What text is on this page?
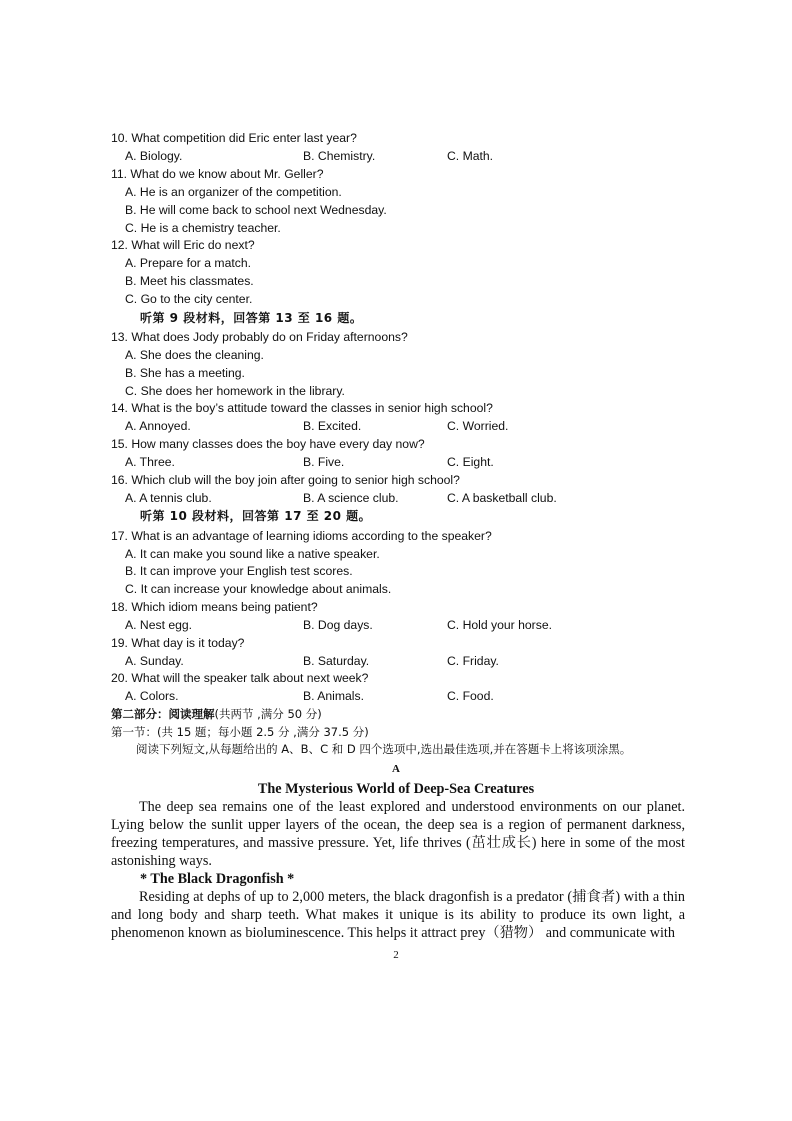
10. What competition did Eric enter last year?
A. Biology.	B. Chemistry.	C. Math.
11. What do we know about Mr. Geller?
A. He is an organizer of the competition.
B. He will come back to school next Wednesday.
C. He is a chemistry teacher.
12. What will Eric do next?
A. Prepare for a match.
B. Meet his classmates.
C. Go to the city center.
听第 9 段材料，回答第 13 至 16 题。
13. What does Jody probably do on Friday afternoons?
A. She does the cleaning.
B. She has a meeting.
C. She does her homework in the library.
14. What is the boy’s attitude toward the classes in senior high school?
A. Annoyed.	B. Excited.	C. Worried.
15. How many classes does the boy have every day now?
A. Three.	B. Five.	C. Eight.
16. Which club will the boy join after going to senior high school?
A. A tennis club.	B. A science club.	C. A basketball club.
听第 10 段材料，回答第 17 至 20 题。
17. What is an advantage of learning idioms according to the speaker?
A. It can make you sound like a native speaker.
B. It can improve your English test scores.
C. It can increase your knowledge about animals.
18. Which idiom means being patient?
A. Nest egg.	B. Dog days.	C. Hold your horse.
19. What day is it today?
A. Sunday.	B. Saturday.	C. Friday.
20. What will the speaker talk about next week?
A. Colors.	B. Animals.	C. Food.
第二部分：阅读理解(共两节 ,满分 50 分)
第一节：(共 15 题；每小题 2.5 分 ,满分 37.5 分)
阅读下列短文,从每题给出的 A、B、C 和 D 四个选项中,选出最佳选项,并在答题卡上将该项涂黑。
A
The Mysterious World of Deep-Sea Creatures
The deep sea remains one of the least explored and understood environments on our planet. Lying below the sunlit upper layers of the ocean, the deep sea is a region of permanent darkness, freezing temperatures, and massive pressure. Yet, life thrives (茁壮成长) here in some of the most astonishing ways.
* The Black Dragonfish *
Residing at dephs of up to 2,000 meters, the black dragonfish is a predator (捕食者) with a thin and long body and sharp teeth. What makes it unique is its ability to produce its own light, a phenomenon known as bioluminescence. This helps it attract prey（猎物） and communicate with
2
